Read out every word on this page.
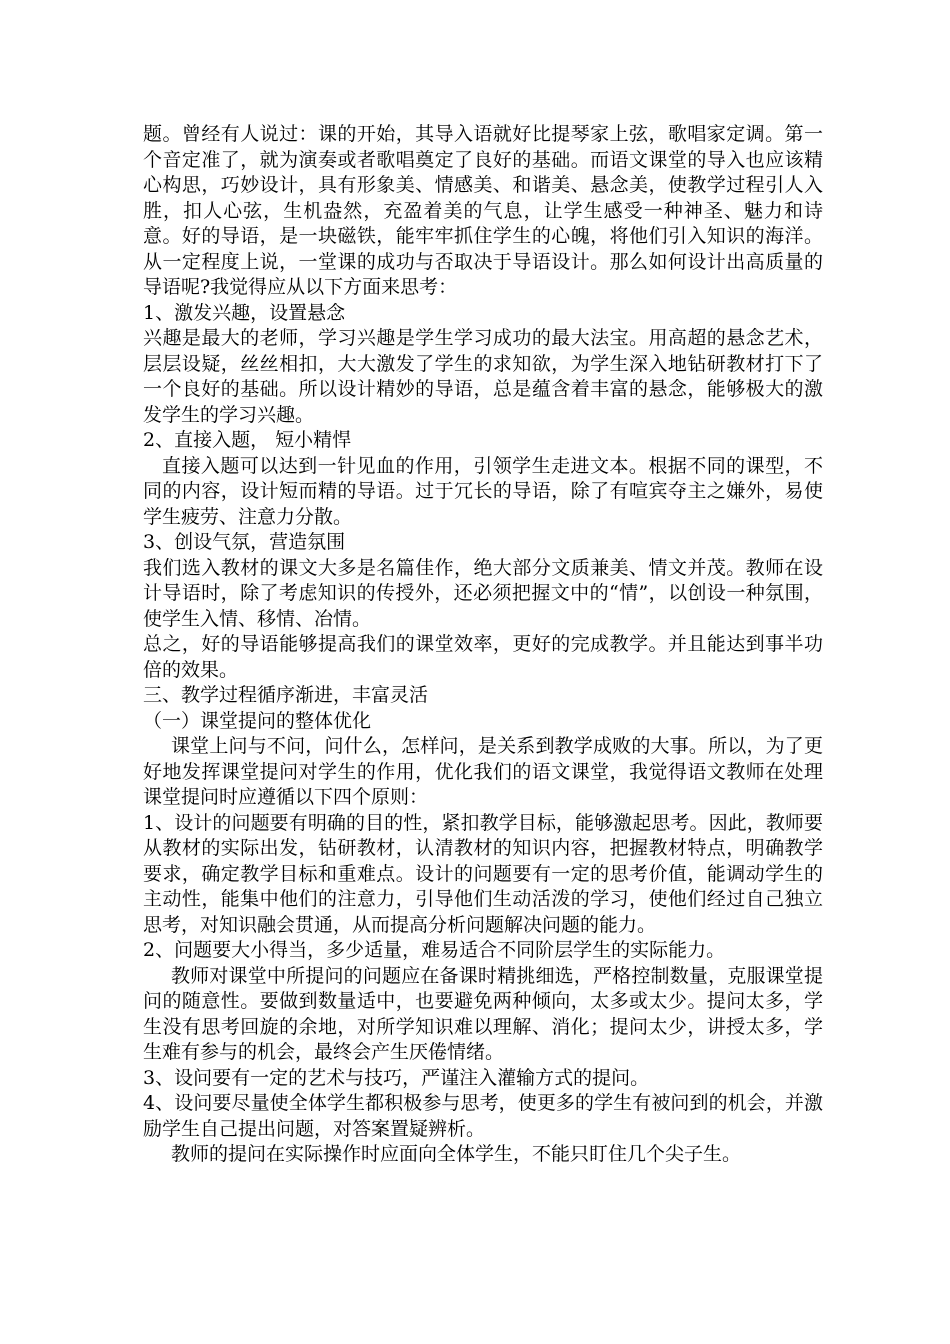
题。曾经有人说过：课的开始，其导入语就好比提琴家上弦，歌唱家定调。第一个音定准了，就为演奏或者歌唱奠定了良好的基础。而语文课堂的导入也应该精心构思，巧妙设计，具有形象美、情感美、和谐美、悬念美，使教学过程引人入胜，扣人心弦，生机盎然，充盈着美的气息，让学生感受一种神圣、魅力和诗意。好的导语，是一块磁铁，能牢牢抓住学生的心魄，将他们引入知识的海洋。从一定程度上说，一堂课的成功与否取决于导语设计。那么如何设计出高质量的导语呢?我觉得应从以下方面来思考：

1、激发兴趣，设置悬念

兴趣是最大的老师，学习兴趣是学生学习成功的最大法宝。用高超的悬念艺术，层层设疑，丝丝相扣，大大激发了学生的求知欲，为学生深入地钻研教材打下了一个良好的基础。所以设计精妙的导语，总是蕴含着丰富的悬念，能够极大的激发学生的学习兴趣。

2、直接入题， 短小精悍

直接入题可以达到一针见血的作用，引领学生走进文本。根据不同的课型，不同的内容，设计短而精的导语。过于冗长的导语，除了有喧宾夺主之嫌外，易使学生疲劳、注意力分散。

3、创设气氛，营造氛围

我们选入教材的课文大多是名篇佳作，绝大部分文质兼美、情文并茂。教师在设计导语时，除了考虑知识的传授外，还必须把握文中的“情”，以创设一种氛围，使学生入情、移情、冶情。

总之，好的导语能够提高我们的课堂效率，更好的完成教学。并且能达到事半功倍的效果。

三、教学过程循序渐进，丰富灵活

（一）课堂提问的整体优化

课堂上问与不问，问什么，怎样问，是关系到教学成败的大事。所以，为了更好地发挥课堂提问对学生的作用，优化我们的语文课堂，我觉得语文教师在处理课堂提问时应遵循以下四个原则：

1、设计的问题要有明确的目的性，紧扣教学目标，能够激起思考。因此，教师要从教材的实际出发，钻研教材，认清教材的知识内容，把握教材特点，明确教学要求，确定教学目标和重难点。设计的问题要有一定的思考价值，能调动学生的主动性，能集中他们的注意力，引导他们生动活泼的学习，使他们经过自己独立思考，对知识融会贯通，从而提高分析问题解决问题的能力。

2、问题要大小得当，多少适量，难易适合不同阶层学生的实际能力。

教师对课堂中所提问的问题应在备课时精挑细选，严格控制数量，克服课堂提问的随意性。要做到数量适中，也要避免两种倾向，太多或太少。提问太多，学生没有思考回旋的余地，对所学知识难以理解、消化；提问太少，讲授太多，学生难有参与的机会，最终会产生厌倦情绪。

3、设问要有一定的艺术与技巧，严谨注入灌输方式的提问。

4、设问要尽量使全体学生都积极参与思考，使更多的学生有被问到的机会，并激励学生自己提出问题，对答案置疑辨析。

教师的提问在实际操作时应面向全体学生，不能只盯住几个尖子生。
